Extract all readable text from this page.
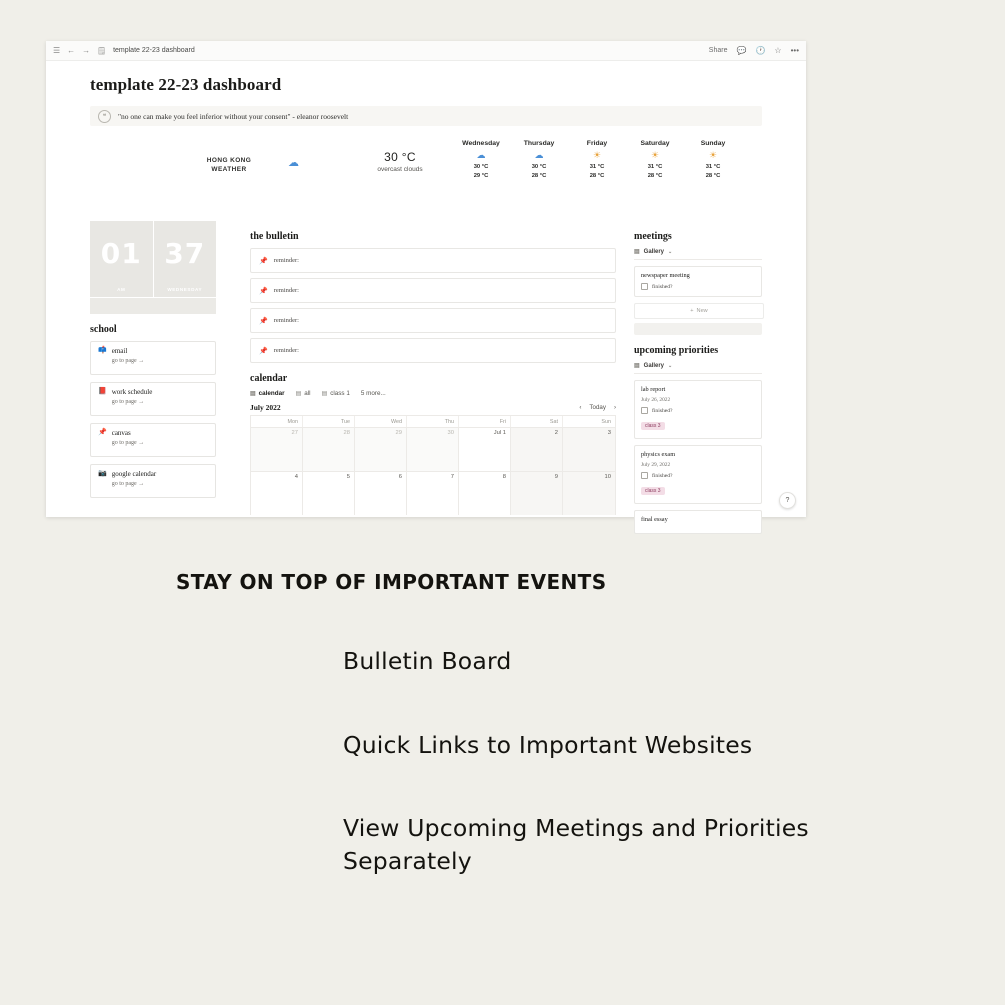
☰ ← → 🗒 template 22-23 dashboard	Share 💬 🕐 ☆ •••
template 22-23 dashboard
❝	"no one can make you feel inferior without your consent" - eleanor roosevelt
HONG KONG
WEATHER
☁	30 °C
overcast clouds
Wednesday
☁
30 °C
29 °C
Thursday
☁
30 °C
28 °C
Friday
☀
31 °C
28 °C
Saturday
☀
31 °C
28 °C
Sunday
☀
31 °C
28 °C
01
AM
37
WEDNESDAY
school
📫 email
go to page →
📕 work schedule
go to page →
📌 canvas
go to page →
📷 google calendar
go to page →
the bulletin
📌 reminder:
📌 reminder:
📌 reminder:
📌 reminder:
calendar
▤ calendar ▤ all ▤ class 1 5 more...
July 2022	‹ Today ›
Mon	Tue	Wed	Thu	Fri	Sat	Sun
27	28	29	30	Jul 1	2	3
4	5	6	7	8	9	10
meetings
▤ Gallery ⌄
newspaper meeting
finished?
+ New
upcoming priorities
▤ Gallery ⌄
lab report
July 26, 2022
finished?
class 3
physics exam
July 29, 2022
finished?
class 3
final essay
?
STAY ON TOP OF IMPORTANT EVENTS
Bulletin Board
Quick Links to Important Websites
View Upcoming Meetings and Priorities Separately
